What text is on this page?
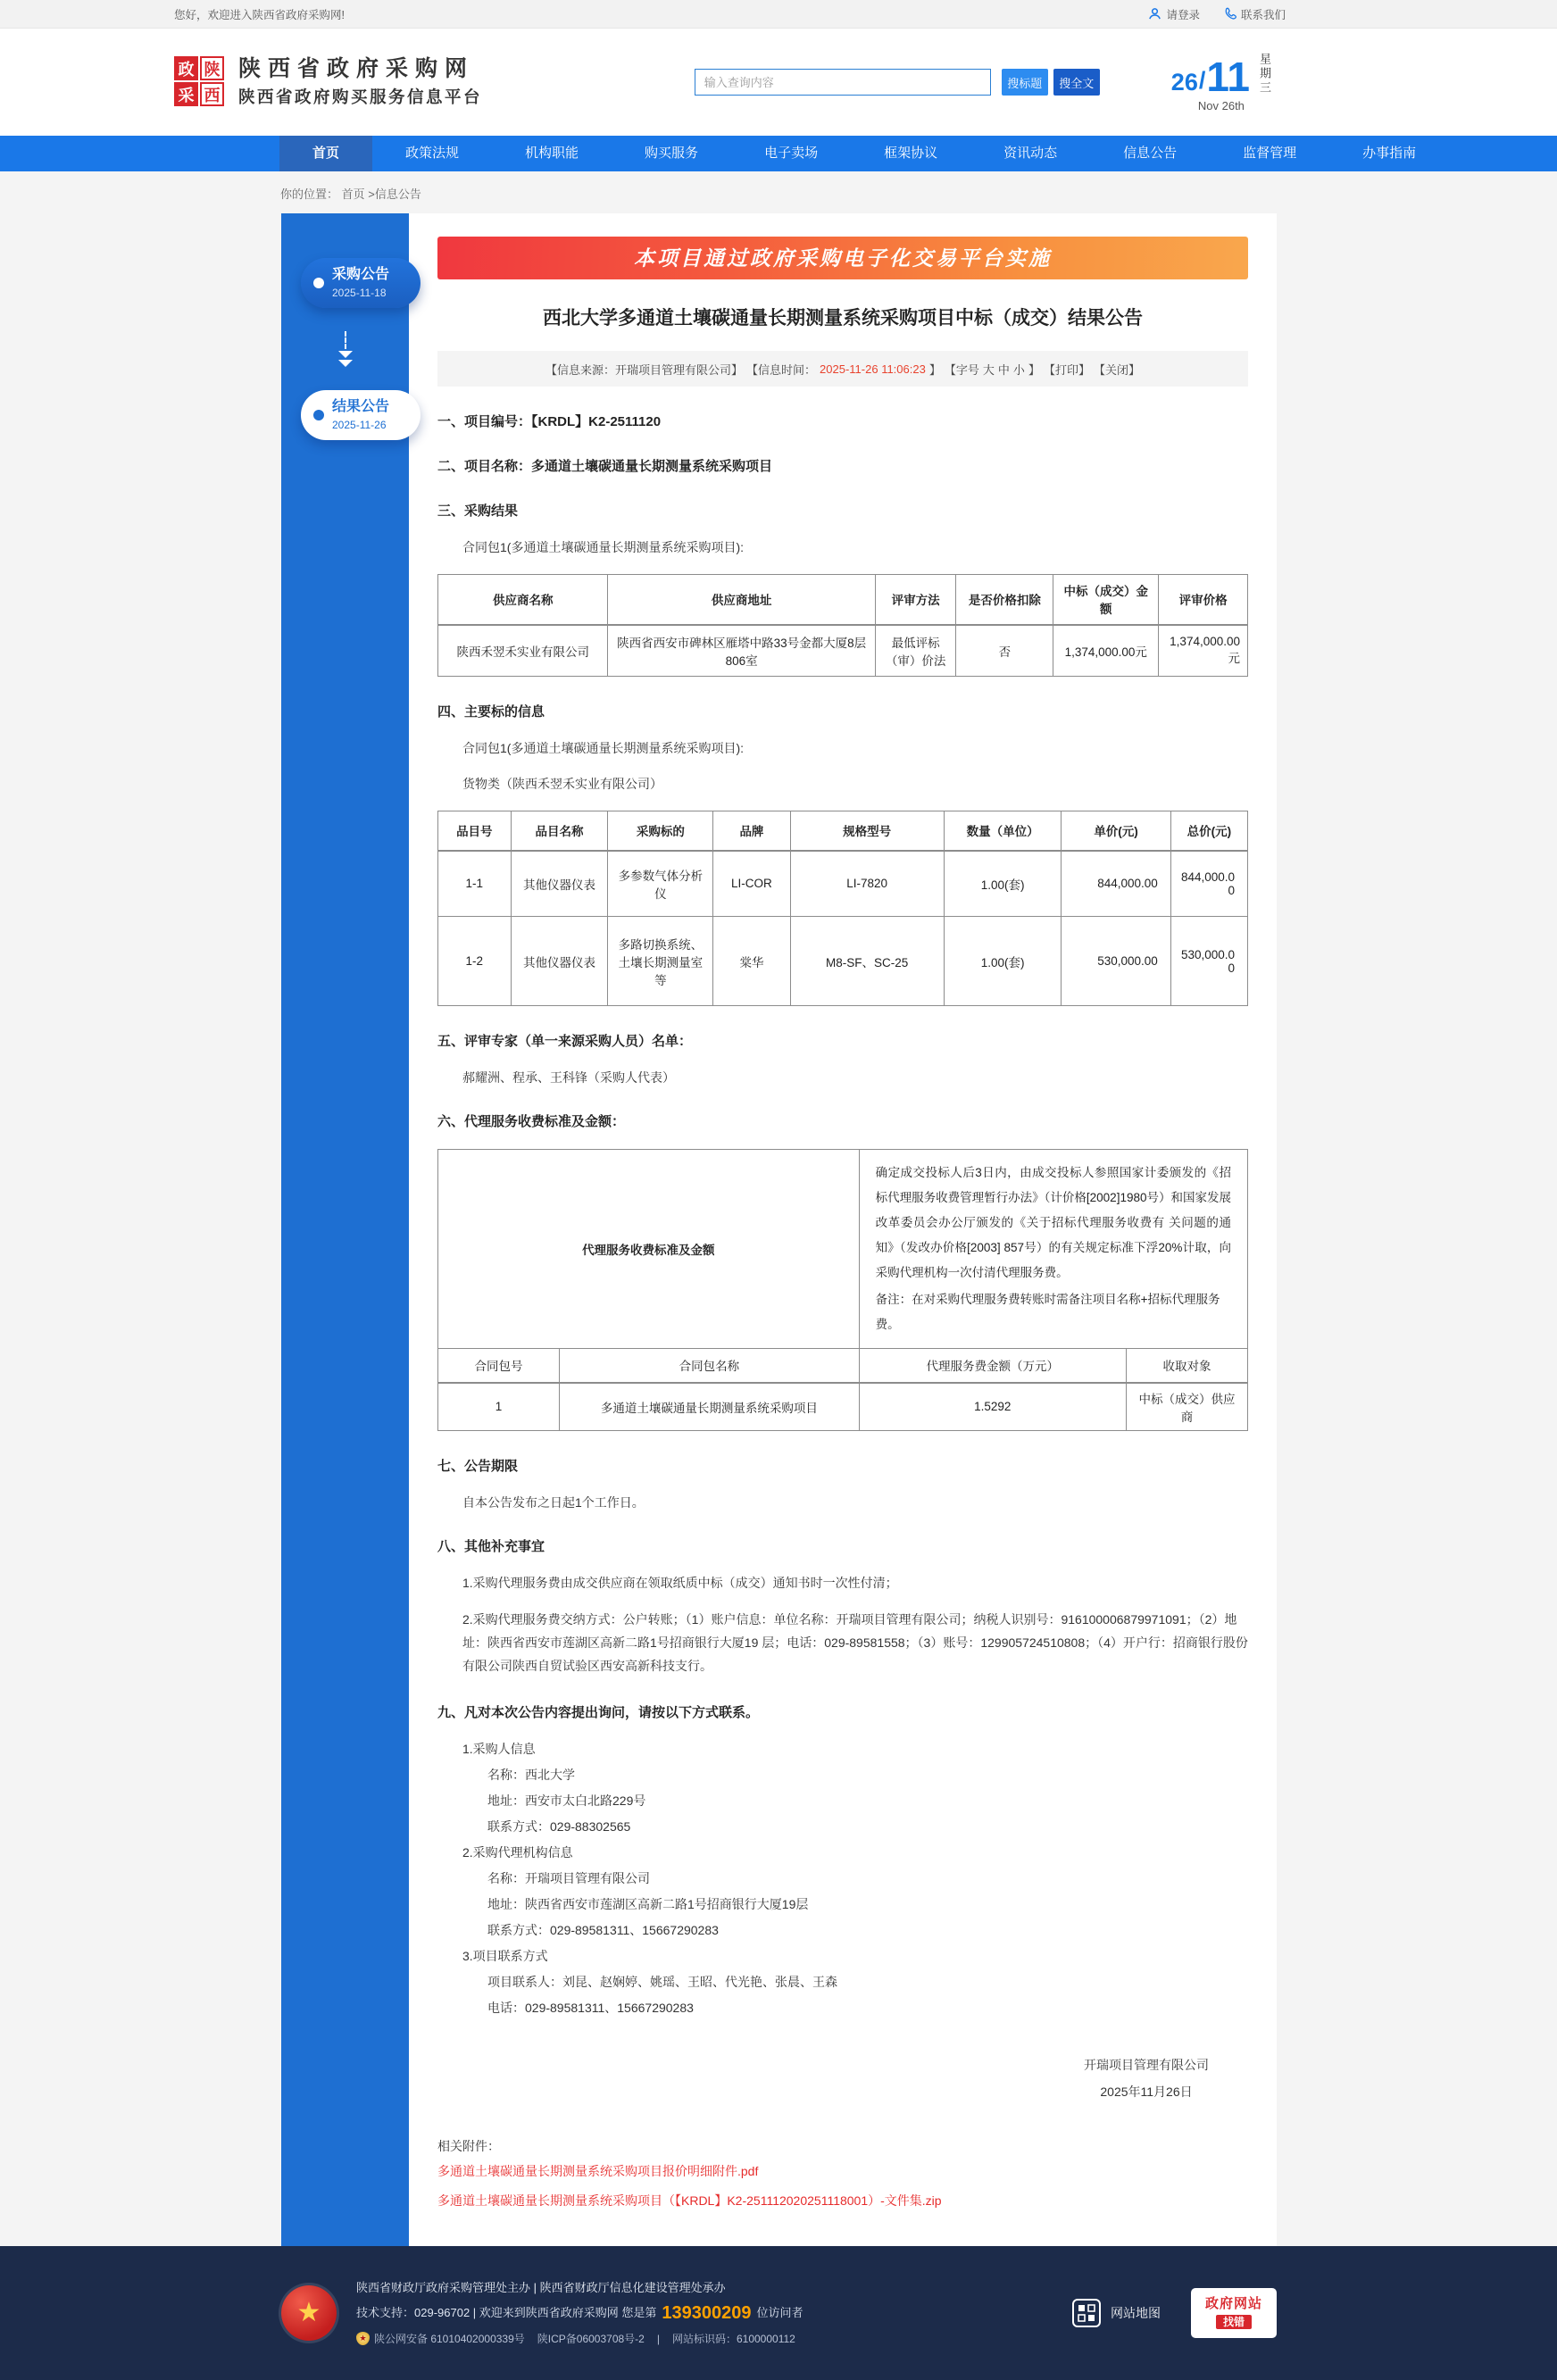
您好，欢迎进入陕西省政府采购网!	请登录	联系我们
政 陕
采 西
陕西省政府采购网
陕西省政府购买服务信息平台
输入查询内容
搜标题	搜全文	26 / 11 星期三
Nov 26th
首页	政策法规	机构职能	购买服务	电子卖场	框架协议	资讯动态	信息公告	监督管理	办事指南
你的位置： 首页 >信息公告
采购公告
2025-11-18
结果公告
2025-11-26
本项目通过政府采购电子化交易平台实施
西北大学多通道土壤碳通量长期测量系统采购项目中标（成交）结果公告
【信息来源：开瑞项目管理有限公司】 【信息时间： 2025-11-26 11:06:23 】 【字号 大 中 小 】 【打印】 【关闭】
一、项目编号：【KRDL】K2-2511120
二、项目名称：多通道土壤碳通量长期测量系统采购项目
三、采购结果
合同包1(多通道土壤碳通量长期测量系统采购项目):
供应商名称	供应商地址	评审方法	是否价格扣除	中标（成交）金额	评审价格
陕西禾翌禾实业有限公司	陕西省西安市碑林区雁塔中路33号金都大厦8层806室	最低评标（审）价法	否	1,374,000.00元	1,374,000.00元
四、主要标的信息
合同包1(多通道土壤碳通量长期测量系统采购项目):
货物类（陕西禾翌禾实业有限公司）
品目号	品目名称	采购标的	品牌	规格型号	数量（单位）	单价(元)	总价(元)
1-1	其他仪器仪表	多参数气体分析仪	LI-COR	LI-7820	1.00(套)	844,000.00	844,000.00
1-2	其他仪器仪表	多路切换系统、土壤长期测量室等	棠华	M8-SF、SC-25	1.00(套)	530,000.00	530,000.00
五、评审专家（单一来源采购人员）名单：
郝耀洲、程承、王科锋（采购人代表）
六、代理服务收费标准及金额：
代理服务收费标准及金额		确定成交投标人后3日内，由成交投标人参照国家计委颁发的《招标代理服务收费管理暂行办法》（计价格[2002]1980号）和国家发展改革委员会办公厅颁发的《关于招标代理服务收费有 关问题的通知》（发改办价格[2003] 857号）的有关规定标准下浮20%计取，向采购代理机构一次付清代理服务费。

备注：在对采购代理服务费转账时需备注项目名称+招标代理服务费。	

合同包号	合同包名称	代理服务费金额（万元）	收取对象
1	多通道土壤碳通量长期测量系统采购项目	1.5292	中标（成交）供应商
七、公告期限
自本公告发布之日起1个工作日。
八、其他补充事宜
1.采购代理服务费由成交供应商在领取纸质中标（成交）通知书时一次性付清；
2.采购代理服务费交纳方式：公户转账；（1）账户信息：单位名称：开瑞项目管理有限公司；纳税人识别号：916100006879971091；（2）地址：陕西省西安市莲湖区高新二路1号招商银行大厦19 层；电话：029-89581558；（3）账号：129905724510808；（4）开户行：招商银行股份有限公司陕西自贸试验区西安高新科技支行。
九、凡对本次公告内容提出询问，请按以下方式联系。
1.采购人信息
名称：西北大学
地址：西安市太白北路229号
联系方式：029-88302565
2.采购代理机构信息
名称：开瑞项目管理有限公司
地址：陕西省西安市莲湖区高新二路1号招商银行大厦19层
联系方式：029-89581311、15667290283
3.项目联系方式
项目联系人：刘昆、赵娴婷、姚瑶、王昭、代光艳、张晨、王森
电话：029-89581311、15667290283
开瑞项目管理有限公司
2025年11月26日
相关附件：
多通道土壤碳通量长期测量系统采购项目报价明细附件.pdf
多通道土壤碳通量长期测量系统采购项目（【KRDL】K2-251112020251118001）-文件集.zip
★
陕西省财政厅政府采购管理处主办 | 陕西省财政厅信息化建设管理处承办
技术支持：029-96702 | 欢迎来到陕西省政府采购网 您是第 139300209 位访问者
★ 陕公网安备 61010402000339号 陕ICP备06003708号-2 | 网站标识码：6100000112
网站地图
政府网站
找错
